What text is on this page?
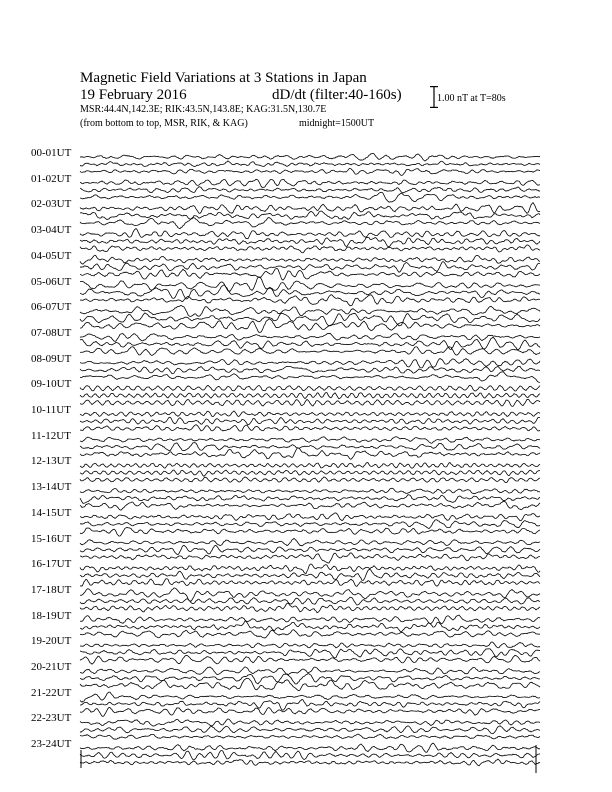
Magnetic Field Variations at 3 Stations in Japan
19 February 2016	dD/dt (filter:40-160s)
MSR:44.4N,142.3E; RIK:43.5N,143.8E; KAG:31.5N,130.7E
(from bottom to top, MSR, RIK, & KAG)	midnight=1500UT
1.00 nT at T=80s
00-01UT
01-02UT
02-03UT
03-04UT
04-05UT
05-06UT
06-07UT
07-08UT
08-09UT
09-10UT
10-11UT
11-12UT
12-13UT
13-14UT
14-15UT
15-16UT
16-17UT
17-18UT
18-19UT
19-20UT
20-21UT
21-22UT
22-23UT
23-24UT
